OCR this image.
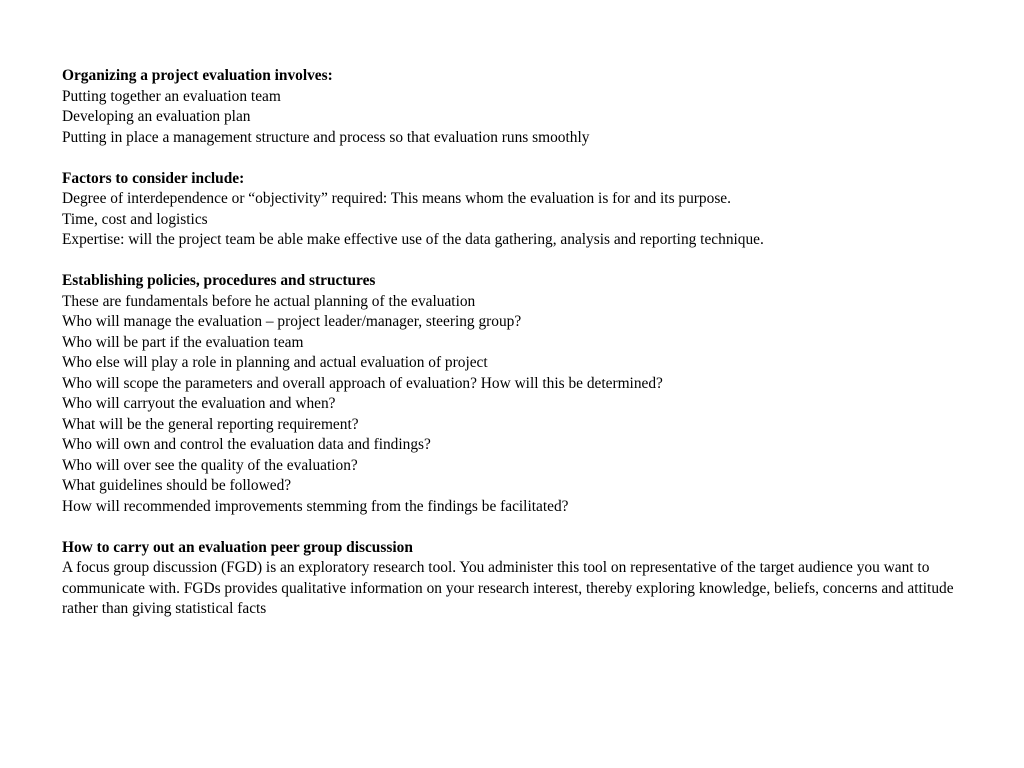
Organizing a project evaluation involves:
Putting together an evaluation team
Developing an evaluation plan
Putting in place a management structure and process so that evaluation runs smoothly
Factors to consider include:
Degree of interdependence or “objectivity” required: This means whom the evaluation is for and its purpose.
Time, cost and logistics
Expertise: will the project team be able make effective use of the data gathering, analysis and reporting technique.
Establishing policies, procedures and structures
These are fundamentals before he actual planning of the evaluation
Who will manage the evaluation – project leader/manager, steering group?
Who will be part if the evaluation team
Who else will play a role in planning and actual evaluation of project
Who will scope the parameters and overall approach of evaluation? How will this be determined?
Who will carryout the evaluation and when?
What will be the general reporting requirement?
Who will own and control the evaluation data and findings?
Who will over see the quality of the evaluation?
What guidelines should be followed?
How will recommended improvements stemming from the findings be facilitated?
How to carry out an evaluation peer group discussion
A focus group discussion (FGD) is an exploratory research tool. You administer this tool on representative of the target audience you want to communicate with. FGDs provides qualitative information on your research interest, thereby exploring knowledge, beliefs, concerns and attitude rather than giving statistical facts
